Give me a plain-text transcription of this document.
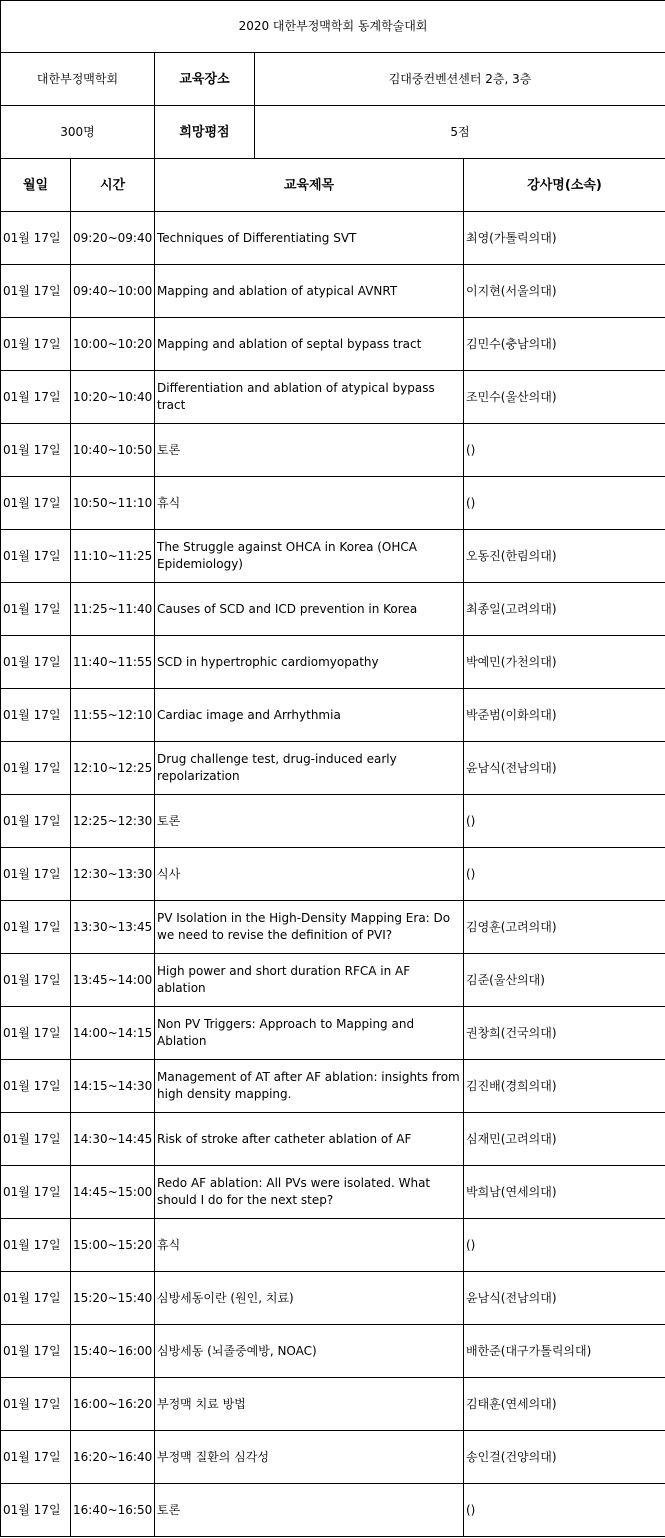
2020 대한부정맥학회 동계학술대회				
대한부정맥학회		교육장소	김대중컨벤션센터 2층, 3층	
300명		희망평점	5점	
월일	시간	교육제목		강사명(소속)
01월 17일	09:20~09:40	Techniques of Differentiating SVT		최영(가톨릭의대)
01월 17일	09:40~10:00	Mapping and ablation of atypical AVNRT		이지현(서울의대)
01월 17일	10:00~10:20	Mapping and ablation of septal bypass tract		김민수(충남의대)
01월 17일	10:20~10:40	Differentiation and ablation of atypical bypass tract		조민수(울산의대)
01월 17일	10:40~10:50	토론		()
01월 17일	10:50~11:10	휴식		()
01월 17일	11:10~11:25	The Struggle against OHCA in Korea (OHCA Epidemiology)		오동진(한림의대)
01월 17일	11:25~11:40	Causes of SCD and ICD prevention in Korea		최종일(고려의대)
01월 17일	11:40~11:55	SCD in hypertrophic cardiomyopathy		박예민(가천의대)
01월 17일	11:55~12:10	Cardiac image and Arrhythmia		박준범(이화의대)
01월 17일	12:10~12:25	Drug challenge test, drug-induced early repolarization		윤남식(전남의대)
01월 17일	12:25~12:30	토론		()
01월 17일	12:30~13:30	식사		()
01월 17일	13:30~13:45	PV Isolation in the High-Density Mapping Era: Do we need to revise the definition of PVI?		김영훈(고려의대)
01월 17일	13:45~14:00	High power and short duration RFCA in AF ablation		김준(울산의대)
01월 17일	14:00~14:15	Non PV Triggers: Approach to Mapping and Ablation		권창희(건국의대)
01월 17일	14:15~14:30	Management of AT after AF ablation: insights from high density mapping.		김진배(경희의대)
01월 17일	14:30~14:45	Risk of stroke after catheter ablation of AF		심재민(고려의대)
01월 17일	14:45~15:00	Redo AF ablation: All PVs were isolated. What should I do for the next step?		박희남(연세의대)
01월 17일	15:00~15:20	휴식		()
01월 17일	15:20~15:40	심방세동이란 (원인, 치료)		윤남식(전남의대)
01월 17일	15:40~16:00	심방세동 (뇌졸중예방, NOAC)		배한준(대구가톨릭의대)
01월 17일	16:00~16:20	부정맥 치료 방법		김태훈(연세의대)
01월 17일	16:20~16:40	부정맥 질환의 심각성		송인걸(건양의대)
01월 17일	16:40~16:50	토론		()
